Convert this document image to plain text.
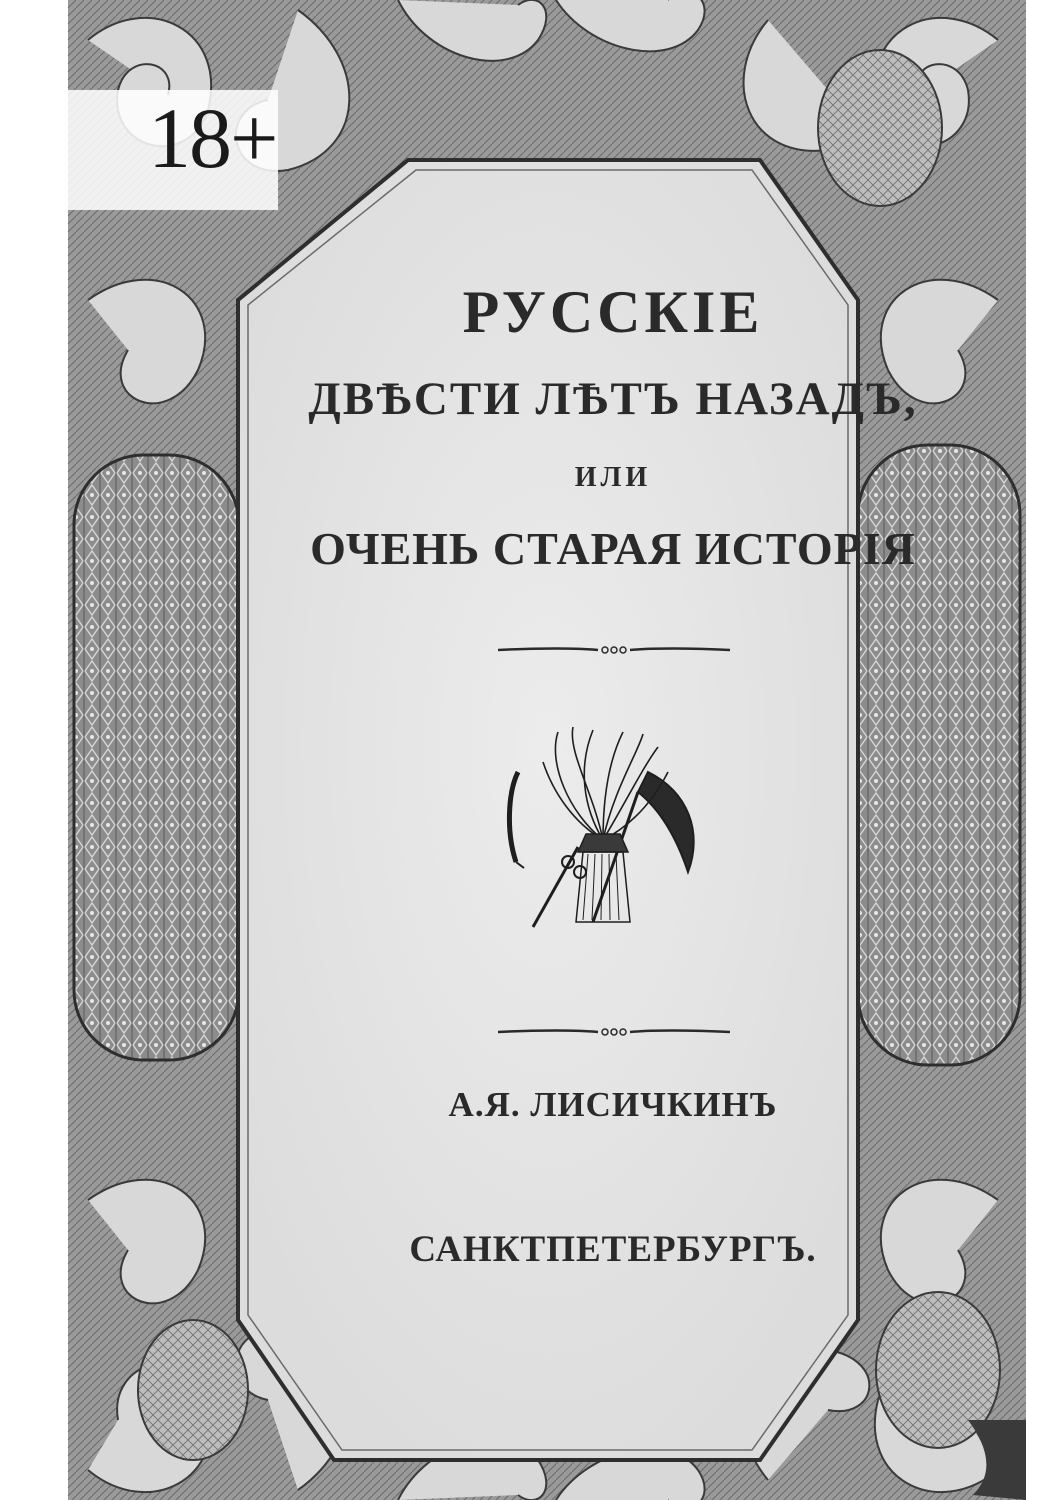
18+
РУССКІЕ
ДВѢСТИ ЛѢТЪ НАЗАДЪ,
ИЛИ
ОЧЕНЬ СТАРАЯ ИСТОРІЯ
А.Я. ЛИСИЧКИНЪ
САНКТПЕТЕРБУРГЪ.
